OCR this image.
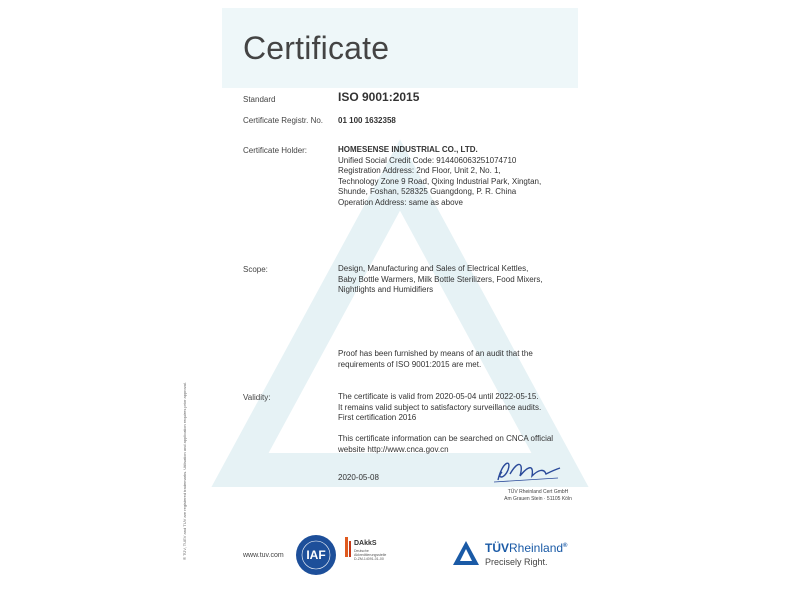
® TÜV, TUEV and TUV are registered trademarks. Utilisation and application requires prior approval.
Certificate
Standard	ISO 9001:2015
Certificate Registr. No. 01 100 1632358
Certificate Holder:	HOMESENSE INDUSTRIAL CO., LTD.
Unified Social Credit Code: 914406063251074710
Registration Address: 2nd Floor, Unit 2, No. 1,
Technology Zone 9 Road, Qixing Industrial Park, Xingtan,
Shunde, Foshan, 528325 Guangdong, P. R. China
Operation Address: same as above
Scope:	Design, Manufacturing and Sales of Electrical Kettles,
Baby Bottle Warmers, Milk Bottle Sterilizers, Food Mixers,
Nightlights and Humidifiers
Proof has been furnished by means of an audit that the
requirements of ISO 9001:2015 are met.
Validity:	The certificate is valid from 2020-05-04 until 2022-05-15.
It remains valid subject to satisfactory surveillance audits.
First certification 2016
This certificate information can be searched on CNCA official
website http://www.cnca.gov.cn
2020-05-08
TÜV Rheinland Cert GmbH
Am Grauen Stein · 51105 Köln
www.tuv.com IAF
DAkkS
Deutsche
Akkreditierungsstelle
D-ZM-14091-01-00
TÜVRheinland®
Precisely Right.
